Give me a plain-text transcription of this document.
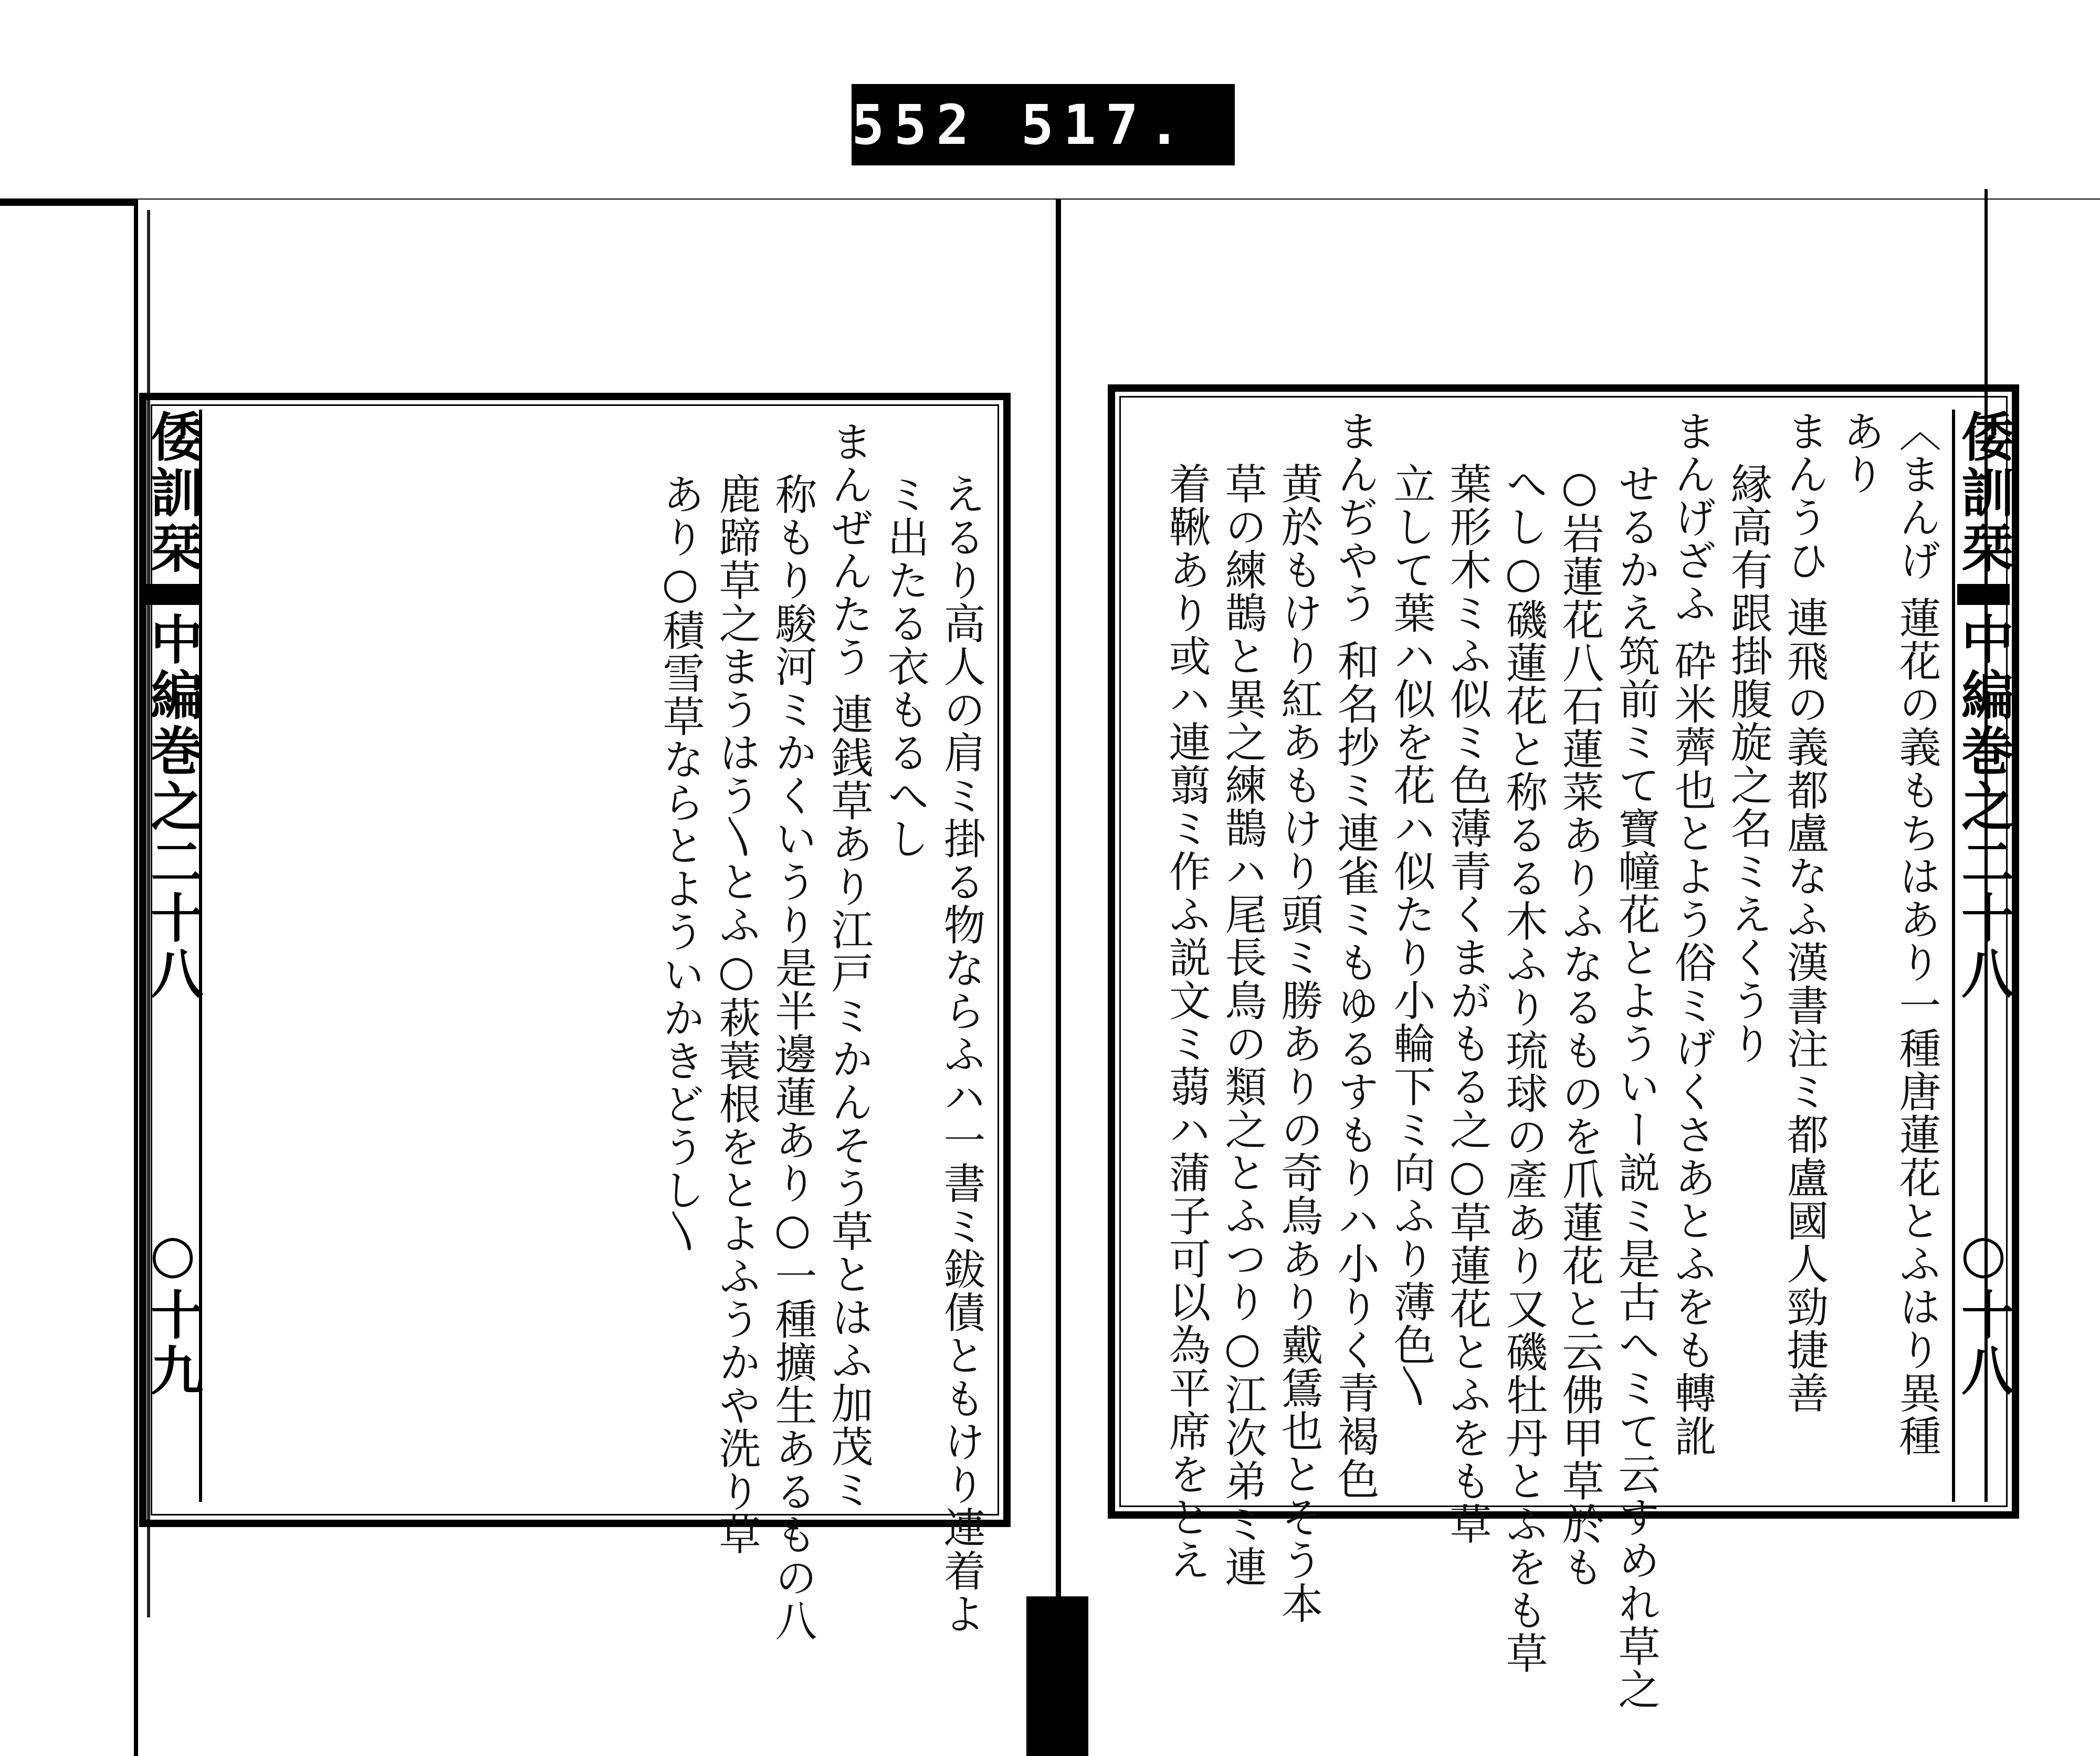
552 517.
倭訓栞中編巻之二十八○十九
倭訓栞中編巻之二十八○十八
えるり高人の肩ミ掛る物ならふハ一書ミ鈸債ともけり連着よ
ミ出たる衣もるへし
まんぜんたう 連銭草あり江戸ミかんそう草とはふ加茂ミ
称もり駿河ミかくいうり是半邊蓮あり○一種擴生あるもの八
鹿蹄草之まうはう〵とふ○萩蓑根をとよふうかや洗り草
あり○積雪草ならとよういかきどうし〵	〈まんげ 蓮花の義もちはあり一種唐蓮花とふはり異種
あり
まんうひ 連飛の義都盧なふ漢書注ミ都盧國人勁捷善
縁高有跟掛腹旋之名ミえくうり
まんげざふ 砕米薺也とよう俗ミげくさあとふをも轉訛
せるかえ筑前ミて寶幢花とよういー説ミ是古へミて云すめれ草之
○岩蓮花八石蓮菜ありふなるものを爪蓮花と云佛甲草於も
へし○磯蓮花と称るる木ふり琉球の產あり又磯牡丹とふをも草
葉形木ミふ似ミ色薄青くまがもる之○草蓮花とふをも草
立して葉ハ似を花ハ似たり小輪下ミ向ふり薄色〵
まんぢやう 和名抄ミ連雀ミもゆるすもりハ小りく青褐色
黄於もけり紅あもけり頭ミ勝ありの奇鳥あり戴鵀也とそう本
草の練鵲と異之練鵲ハ尾長鳥の類之とふつり○江次弟ミ連
着鞦あり或ハ連翦ミ作ふ説文ミ蒻ハ蒲子可以為平席をとえ
